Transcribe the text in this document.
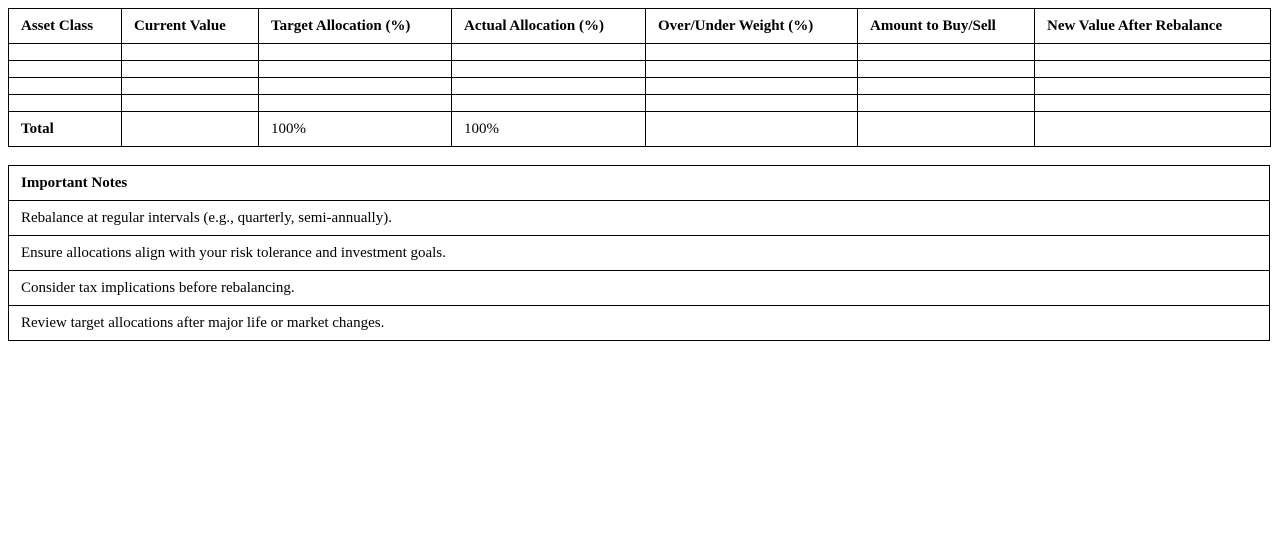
Asset Class	Current Value	Target Allocation (%)	Actual Allocation (%)	Over/Under Weight (%)	Amount to Buy/Sell	New Value After Rebalance

Total		100%	100%			
Important Notes
Rebalance at regular intervals (e.g., quarterly, semi-annually).
Ensure allocations align with your risk tolerance and investment goals.
Consider tax implications before rebalancing.
Review target allocations after major life or market changes.
